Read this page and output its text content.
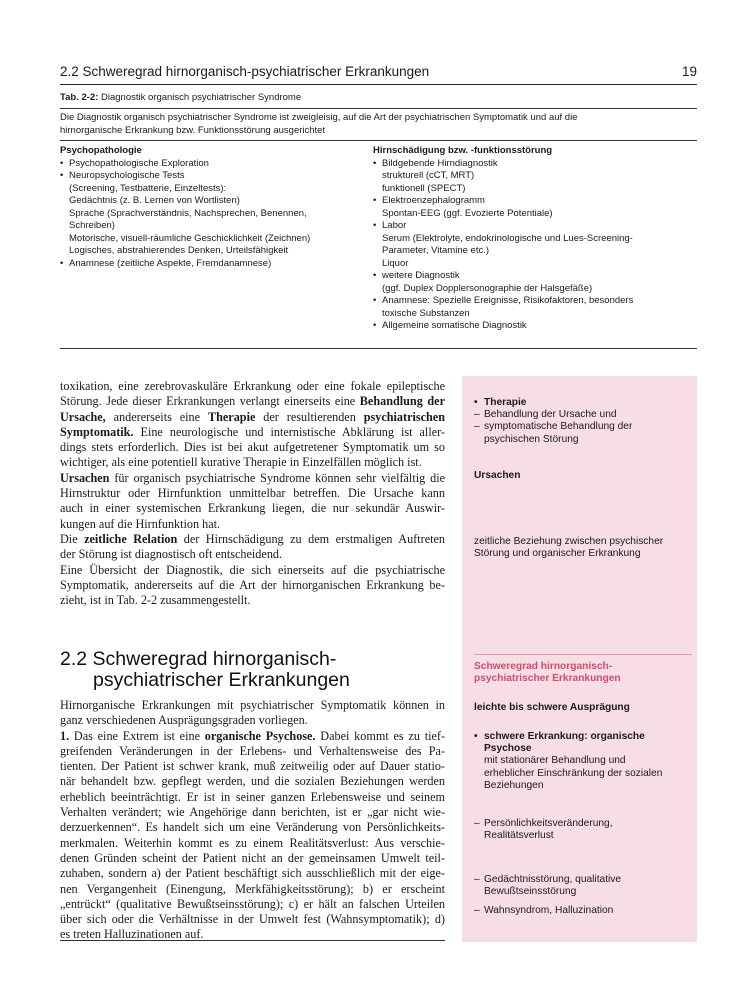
2.2 Schweregrad hirnorganisch-psychiatrischer Erkrankungen	19
Tab. 2-2: Diagnostik organisch psychiatrischer Syndrome
Die Diagnostik organisch psychiatrischer Syndrome ist zweigleisig, auf die Art der psychiatrischen Symptomatik und auf die
hirnorganische Erkrankung bzw. Funktionsstörung ausgerichtet
Psychopathologie
• Psychopathologische Exploration
• Neuropsychologische Tests
(Screening, Testbatterie, Einzeltests):
Gedächtnis (z. B. Lernen von Wortlisten)
Sprache (Sprachverständnis, Nachsprechen, Benennen,
Schreiben)
Motorische, visuell-räumliche Geschicklichkeit (Zeichnen)
Logisches, abstrahierendes Denken, Urteilsfähigkeit
• Anamnese (zeitliche Aspekte, Fremdanamnese)
Hirnschädigung bzw. -funktionsstörung
• Bildgebende Hirndiagnostik
strukturell (cCT, MRT)
funktionell (SPECT)
• Elektroenzephalogramm
Spontan-EEG (ggf. Evozierte Potentiale)
• Labor
Serum (Elektrolyte, endokrinologische und Lues-Screening-
Parameter, Vitamine etc.)
Liquor
• weitere Diagnostik
(ggf. Duplex Dopplersonographie der Halsgefäße)
• Anamnese: Spezielle Ereignisse, Risikofaktoren, besonders
toxische Substanzen
• Allgemeine somatische Diagnostik
toxikation, eine zerebrovaskuläre Erkrankung oder eine fokale epileptische
Störung. Jede dieser Erkrankungen verlangt einerseits eine Behandlung der
Ursache, andererseits eine Therapie der resultierenden psychiatrischen
Symptomatik. Eine neurologische und internistische Abklärung ist aller-
dings stets erforderlich. Dies ist bei akut aufgetretener Symptomatik um so
wichtiger, als eine potentiell kurative Therapie in Einzelfällen möglich ist.
Ursachen für organisch psychiatrische Syndrome können sehr vielfältig die
Hirnstruktur oder Hirnfunktion unmittelbar betreffen. Die Ursache kann
auch in einer systemischen Erkrankung liegen, die nur sekundär Auswir-
kungen auf die Hirnfunktion hat.
Die zeitliche Relation der Hirnschädigung zu dem erstmaligen Auftreten
der Störung ist diagnostisch oft entscheidend.
Eine Übersicht der Diagnostik, die sich einerseits auf die psychiatrische
Symptomatik, andererseits auf die Art der hirnorganischen Erkrankung be-
zieht, ist in Tab. 2-2 zusammengestellt.
2.2 Schweregrad hirnorganisch-
psychiatrischer Erkrankungen
Hirnorganische Erkrankungen mit psychiatrischer Symptomatik können in
ganz verschiedenen Ausprägungsgraden vorliegen.
1. Das eine Extrem ist eine organische Psychose. Dabei kommt es zu tief-
greifenden Veränderungen in der Erlebens- und Verhaltensweise des Pa-
tienten. Der Patient ist schwer krank, muß zeitweilig oder auf Dauer statio-
när behandelt bzw. gepflegt werden, und die sozialen Beziehungen werden
erheblich beeinträchtigt. Er ist in seiner ganzen Erlebensweise und seinem
Verhalten verändert; wie Angehörige dann berichten, ist er „gar nicht wie-
derzuerkennen“. Es handelt sich um eine Veränderung von Persönlichkeits-
merkmalen. Weiterhin kommt es zu einem Realitätsverlust: Aus verschie-
denen Gründen scheint der Patient nicht an der gemeinsamen Umwelt teil-
zuhaben, sondern a) der Patient beschäftigt sich ausschließlich mit der eige-
nen Vergangenheit (Einengung, Merkfähigkeitsstörung); b) er erscheint
„entrückt“ (qualitative Bewußtseinsstörung); c) er hält an falschen Urteilen
über sich oder die Verhältnisse in der Umwelt fest (Wahnsymptomatik); d)
es treten Halluzinationen auf.
• Therapie
– Behandlung der Ursache und
– symptomatische Behandlung der
psychischen Störung
Ursachen
zeitliche Beziehung zwischen psychischer
Störung und organischer Erkrankung
Schweregrad hirnorganisch-
psychiatrischer Erkrankungen
leichte bis schwere Ausprägung
• schwere Erkrankung: organische
Psychose
mit stationärer Behandlung und
erheblicher Einschränkung der sozialen
Beziehungen
– Persönlichkeitsveränderung,
Realitätsverlust
– Gedächtnisstörung, qualitative
Bewußtseinsstörung
– Wahnsyndrom, Halluzination
